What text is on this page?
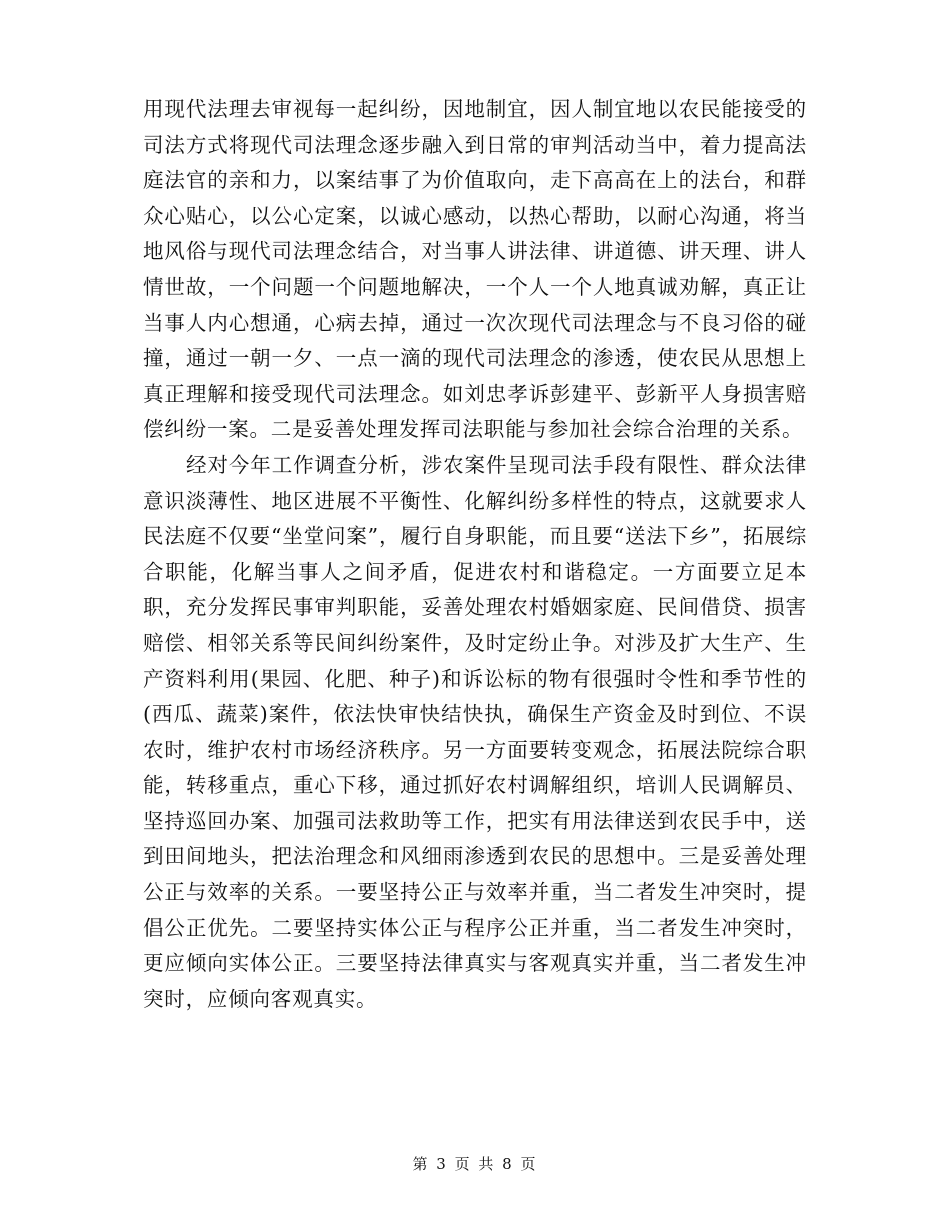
用现代法理去审视每一起纠纷，因地制宜，因人制宜地以农民能接受的司法方式将现代司法理念逐步融入到日常的审判活动当中，着力提高法庭法官的亲和力，以案结事了为价值取向，走下高高在上的法台，和群众心贴心，以公心定案，以诚心感动，以热心帮助，以耐心沟通，将当地风俗与现代司法理念结合，对当事人讲法律、讲道德、讲天理、讲人情世故，一个问题一个问题地解决，一个人一个人地真诚劝解，真正让当事人内心想通，心病去掉，通过一次次现代司法理念与不良习俗的碰撞，通过一朝一夕、一点一滴的现代司法理念的渗透，使农民从思想上真正理解和接受现代司法理念。如刘忠孝诉彭建平、彭新平人身损害赔偿纠纷一案。二是妥善处理发挥司法职能与参加社会综合治理的关系。

经对今年工作调查分析，涉农案件呈现司法手段有限性、群众法律意识淡薄性、地区进展不平衡性、化解纠纷多样性的特点，这就要求人民法庭不仅要“坐堂问案”，履行自身职能，而且要“送法下乡”，拓展综合职能，化解当事人之间矛盾，促进农村和谐稳定。一方面要立足本职，充分发挥民事审判职能，妥善处理农村婚姻家庭、民间借贷、损害赔偿、相邻关系等民间纠纷案件，及时定纷止争。对涉及扩大生产、生产资料利用(果园、化肥、种子)和诉讼标的物有很强时令性和季节性的(西瓜、蔬菜)案件，依法快审快结快执，确保生产资金及时到位、不误农时，维护农村市场经济秩序。另一方面要转变观念，拓展法院综合职能，转移重点，重心下移，通过抓好农村调解组织，培训人民调解员、坚持巡回办案、加强司法救助等工作，把实有用法律送到农民手中，送到田间地头，把法治理念和风细雨渗透到农民的思想中。三是妥善处理公正与效率的关系。一要坚持公正与效率并重，当二者发生冲突时，提倡公正优先。二要坚持实体公正与程序公正并重，当二者发生冲突时，更应倾向实体公正。三要坚持法律真实与客观真实并重，当二者发生冲突时，应倾向客观真实。

第 3 页 共 8 页
